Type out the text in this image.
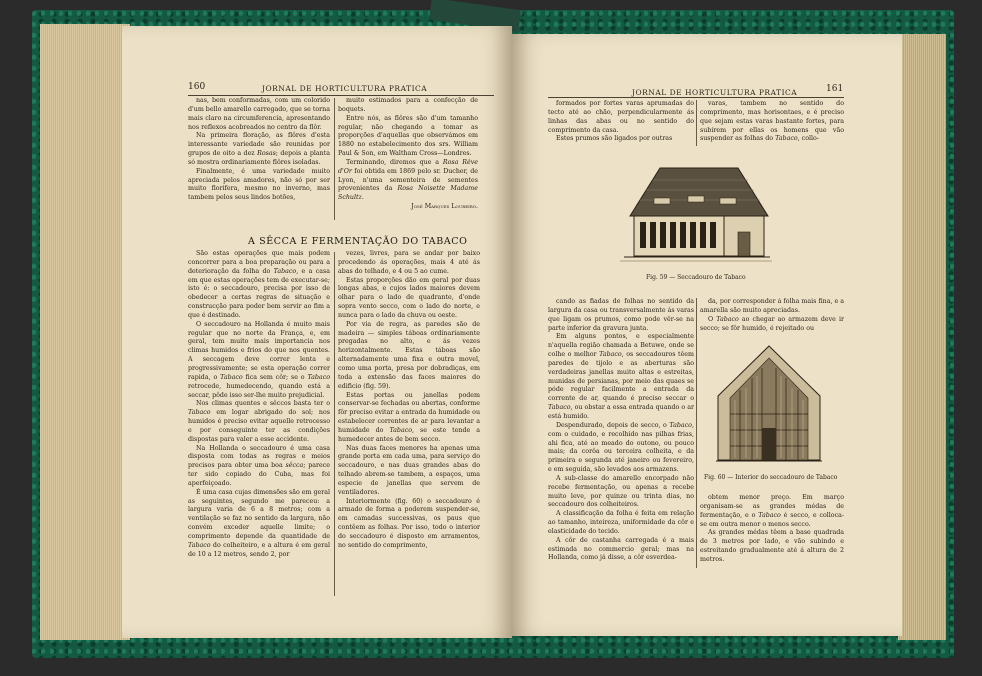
160	JORNAL DE HORTICULTURA PRATICA

nas, bem conformadas, com um colorido d'um bello amarello carregado, que se torna mais claro na circumferencia, apresentando nos reflexos acobreados no centro da flôr.

Na primeira floração, as flôres d'esta interessante variedade são reunidas por grupos de oito a dez Rosas; depois a planta só mostra ordinariamente flôres isoladas.

Finalmente, é uma variedade muito apreciada pelos amadores, não só por ser muito florifera, mesmo no inverno, mas tambem pelos seus lindos botões,

muito estimados para a confecção de boquets.

Entre nós, as flôres são d'um tamanho regular, não chegando a tomar as proporções d'aquellas que observámos em 1880 no estabelecimento dos srs. William Paul & Son, em Waltham Cross—Londres.

Terminando, diremos que a Rosa Rêve d'Or foi obtida em 1869 pelo sr. Ducher, de Lyon, n'uma sementeira de sementes provenientes da Rosa Noisette Madame Schultz.

José Marques Loureiro.

A SÊCCA E FERMENTAÇÃO DO TABACO

São estas operações que mais podem concorrer para a boa preparação ou para a deterioração da folha do Tabaco, e a casa em que estas operações tem de executar-se; isto é: o seccadouro, precisa por isso de obedecer a certas regras de situação e construcção para poder bem servir ao fim a que é destinado.

O seccadouro na Hollanda é muito mais regular que no norte da França, e, em geral, tem muito mais importancia nos climas humidos e frios do que nos quentes. A seccagem deve correr lenta e progressivamente; se esta operação correr rapida, o Tabaco fica sem côr; se o Tabaco retrocede, humedecendo, quando está a seccar, pôde isso ser-lhe muito prejudicial.

Nos climas quentes e sêccos basta ter o Tabaco em logar abrigado do sol; nos humidos é preciso evitar aquelle retrocesso e por conseguinte ter as condições dispostas para valer a esse accidente.

Na Hollanda o seccadouro é uma casa disposta com todas as regras e meios precisos para obter uma boa sêcca; parece ter sido copiado do Cuba, mas foi aperfeiçoado.

É uma casa cujas dimensões são em geral as seguintes, segundo me pareceu: a largura varia de 6 a 8 metros; com a ventilação se faz no sentido da largura, não convém exceder aquelle limite; o comprimento depende da quantidade de Tabaco do colheiteiro, e a altura é em geral de 10 a 12 metros, sendo 2, por

vezes, livres, para se andar por baixo procedendo ás operações, mais 4 até ás abas do telhado, e 4 ou 5 ao cume.

Estas proporções dão em geral por duas longas abas, e cujos lados maiores devem olhar para o lado de quadrante, d'onde sopra vento secco, com o lado do norte, e nunca para o lado da chuva ou oeste.

Por via de regra, as paredes são de madeira — simples táboas ordinariamente pregadas no alto, e ás vezes horizontalmente. Estas táboas são alternadamente uma fixa e outra movel, como uma porta, presa por dobradiças, em toda a extensão das faces maiores do edificio (fig. 59).

Estas portas ou janellas podem conservar-se fechadas ou abertas, conforme fôr preciso evitar a entrada da humidade ou estabelecer correntes de ar para levantar a humidade do Tabaco, se este tende a humedecer antes de bem secco.

Nas duas faces menores ha apenas uma grande porta em cada uma, para serviço do seccadouro, e nas duas grandes abas do telhado abrem-se tambem, a espaços, uma especie de janellas que servem de ventiladores.

Interiormente (fig. 60) o seccadouro é armado de forma a poderem suspender-se, em camadas successivas, os paus que contêem as folhas. Por isso, todo o interior do seccadouro é disposto em arramentos, no sentido do comprimento,

JORNAL DE HORTICULTURA PRATICA	161

formados por fortes varas aprumadas do tecto até ao chão, perpendicularmente ás linhas das abas ou no sentido do comprimento da casa.

Estes prumos são ligados por outras

varas, tambem no sentido do comprimento, mas horisontaes, e é preciso que sejam estas varas bastante fortes, para subirem por ellas os homens que vão suspender as folhas do Tabaco, collo-

Fig. 59 — Seccadouro de Tabaco

cando as fiadas de folhas no sentido da largura da casa ou transversalmente ás varas que ligam os prumos, como pode vêr-se na parte inferior da gravura junta.

Em alguns pontos, e especialmente n'aquella região chamada a Betuwe, onde se colhe o melhor Tabaco, os seccadouros têem paredes de tijolo e as aberturas são verdadeiras janellas muito altas e estreitas, munidas de persianas, por meio das quaes se póde regular facilmente a entrada da corrente de ar, quando é preciso seccar o Tabaco, ou obstar a essa entrada quando o ar está humido.

Despendurado, depois de secco, o Tabaco, com o cuidado, e recolhido nas pilhas frias, ahi fica, até ao meado do outono, ou pouco mais; da corôa ou terceira colheita, e da primeira e segunda até janeiro ou fevereiro, e em seguida, são levados aos armazens.

A sub-classe do amarello encorpado não recebe fermentação, ou apenas a recebe muito leve, por quinze ou trinta dias, no seccadouro dos colheiteiros.

A classificação da folha é feita em relação ao tamanho, inteireza, uniformidade da côr e elasticidade do tecido.

A côr de castanha carregada é a mais estimada no commercio geral; mas na Hollanda, como já disse, a côr esverdea-

da, por corresponder á folha mais fina, e a amarella são muito apreciadas.

O Tabaco ao chegar ao armazem deve ir secco; se fôr humido, é rejeitado ou

Fig. 60 — Interior do seccadouro de Tabaco

obtem menor preço. Em março organisam-se as grandes médas de fermentação, e o Tabaco é secco, e colloca-se em outra menor o menos secco.

As grandes médas têem a base quadrada de 3 metros por lado, e vão subindo e estreitando gradualmente até á altura de 2 metros.
